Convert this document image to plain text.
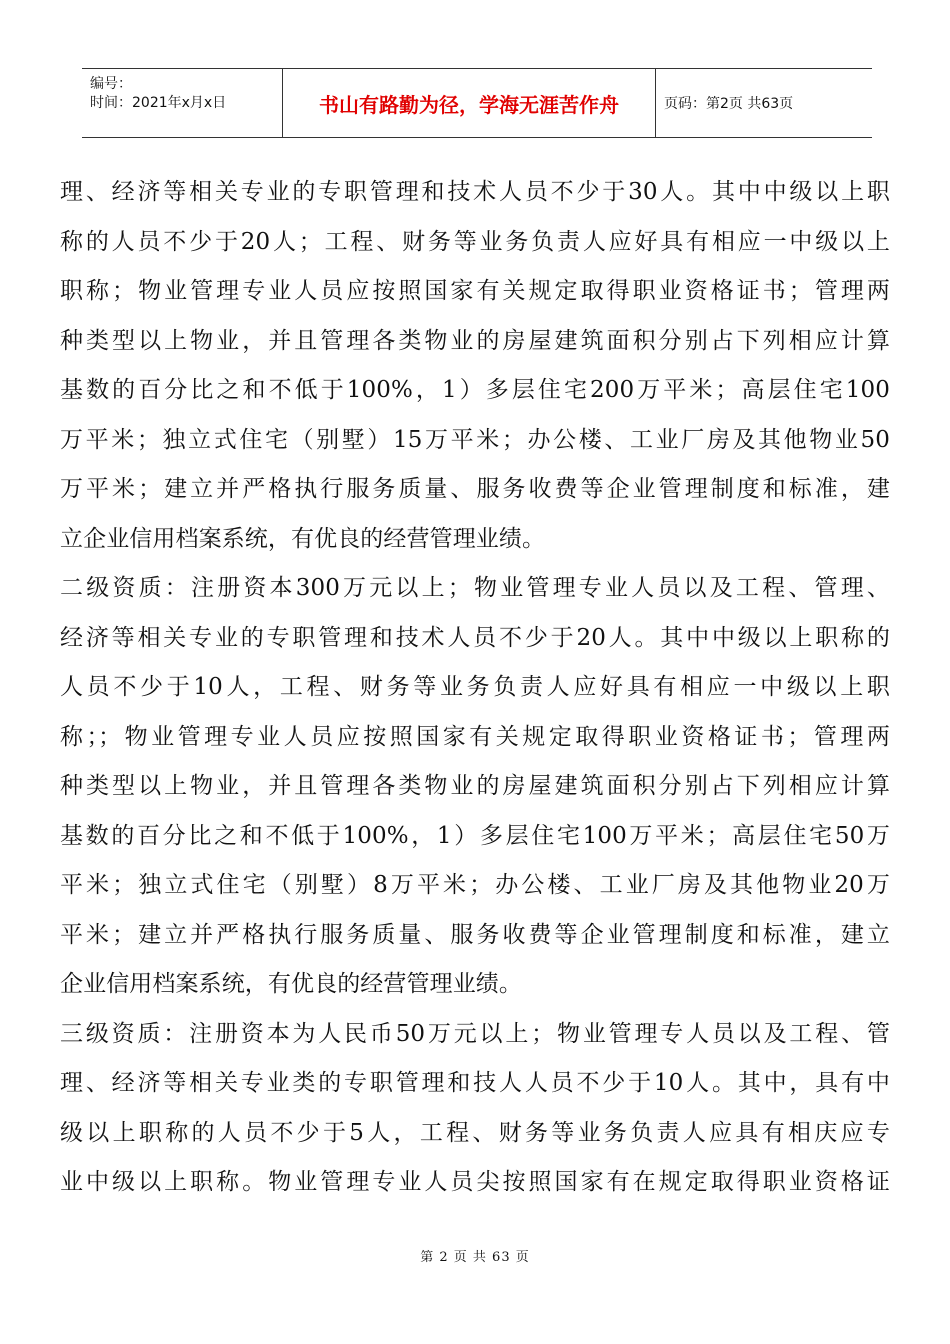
编号：
时间：2021年x月x日	书山有路勤为径，学海无涯苦作舟	页码：第2页 共63页
理、经济等相关专业的专职管理和技术人员不少于30人。其中中级以上职
称的人员不少于20人；工程、财务等业务负责人应好具有相应一中级以上
职称；物业管理专业人员应按照国家有关规定取得职业资格证书；管理两
种类型以上物业，并且管理各类物业的房屋建筑面积分别占下列相应计算
基数的百分比之和不低于100%，1）多层住宅200万平米；高层住宅100
万平米；独立式住宅（别墅）15万平米；办公楼、工业厂房及其他物业50
万平米；建立并严格执行服务质量、服务收费等企业管理制度和标准，建
立企业信用档案系统，有优良的经营管理业绩。
二级资质：注册资本300万元以上；物业管理专业人员以及工程、管理、
经济等相关专业的专职管理和技术人员不少于20人。其中中级以上职称的
人员不少于10人，工程、财务等业务负责人应好具有相应一中级以上职
称；；物业管理专业人员应按照国家有关规定取得职业资格证书；管理两
种类型以上物业，并且管理各类物业的房屋建筑面积分别占下列相应计算
基数的百分比之和不低于100%，1）多层住宅100万平米；高层住宅50万
平米；独立式住宅（别墅）8万平米；办公楼、工业厂房及其他物业20万
平米；建立并严格执行服务质量、服务收费等企业管理制度和标准，建立
企业信用档案系统，有优良的经营管理业绩。
三级资质：注册资本为人民币50万元以上；物业管理专人员以及工程、管
理、经济等相关专业类的专职管理和技人人员不少于10人。其中，具有中
级以上职称的人员不少于5人，工程、财务等业务负责人应具有相庆应专
业中级以上职称。物业管理专业人员尖按照国家有在规定取得职业资格证
第 2 页 共 63 页
